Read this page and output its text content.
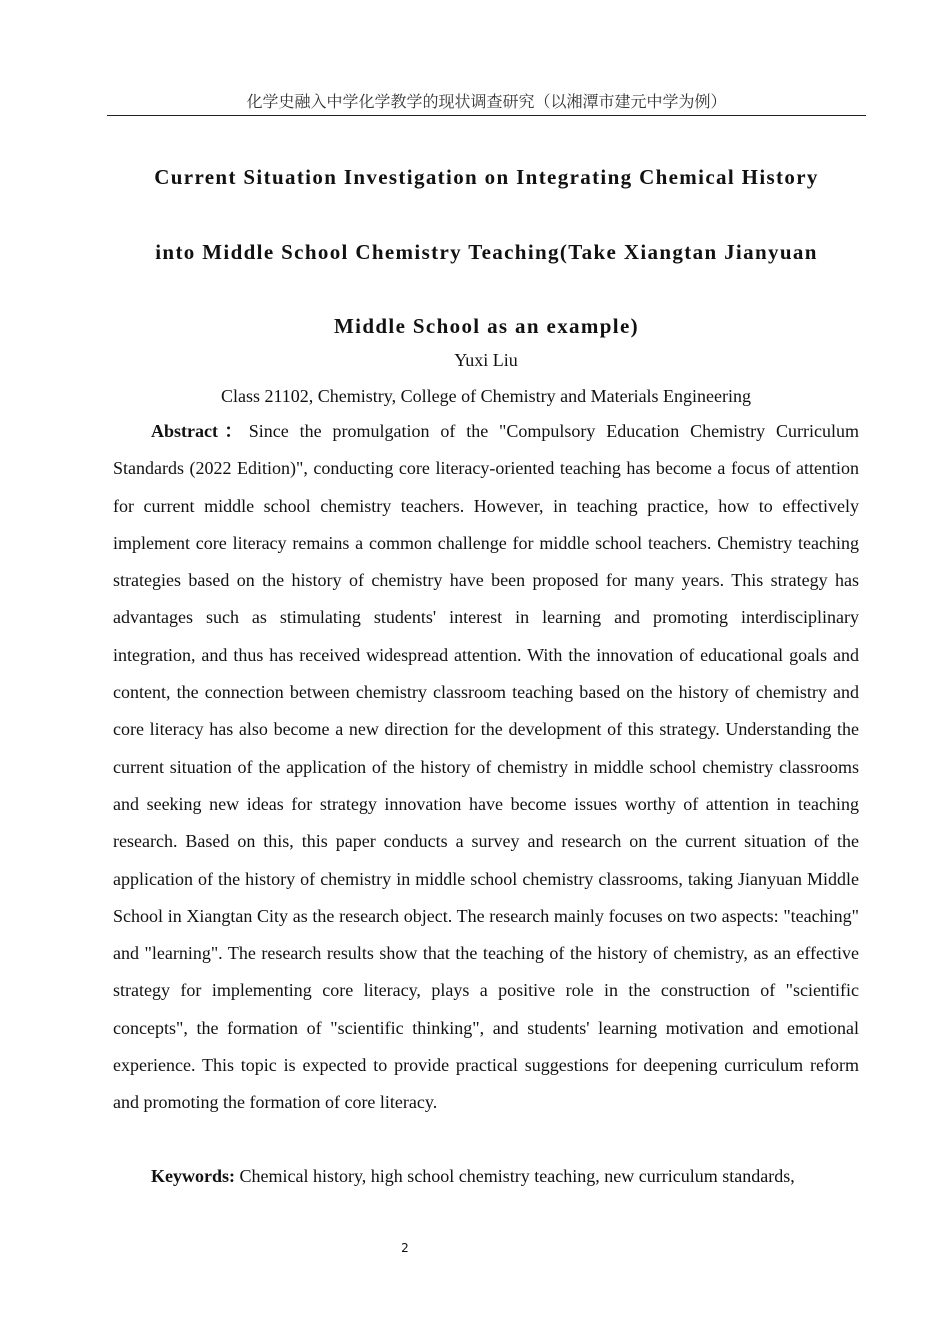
化学史融入中学化学教学的现状调查研究（以湘潭市建元中学为例）
Current Situation Investigation on Integrating Chemical History
into Middle School Chemistry Teaching(Take Xiangtan Jianyuan
Middle School as an example)
Yuxi Liu
Class 21102, Chemistry, College of Chemistry and Materials Engineering

Abstract：Since the promulgation of the "Compulsory Education Chemistry Curriculum Standards (2022 Edition)", conducting core literacy-oriented teaching has become a focus of attention for current middle school chemistry teachers. However, in teaching practice, how to effectively implement core literacy remains a common challenge for middle school teachers. Chemistry teaching strategies based on the history of chemistry have been proposed for many years. This strategy has advantages such as stimulating students' interest in learning and promoting interdisciplinary integration, and thus has received widespread attention. With the innovation of educational goals and content, the connection between chemistry classroom teaching based on the history of chemistry and core literacy has also become a new direction for the development of this strategy. Understanding the current situation of the application of the history of chemistry in middle school chemistry classrooms and seeking new ideas for strategy innovation have become issues worthy of attention in teaching research. Based on this, this paper conducts a survey and research on the current situation of the application of the history of chemistry in middle school chemistry classrooms, taking Jianyuan Middle School in Xiangtan City as the research object. The research mainly focuses on two aspects: "teaching" and "learning". The research results show that the teaching of the history of chemistry, as an effective strategy for implementing core literacy, plays a positive role in the construction of "scientific concepts", the formation of "scientific thinking", and students' learning motivation and emotional experience. This topic is expected to provide practical suggestions for deepening curriculum reform and promoting the formation of core literacy.

Keywords: Chemical history, high school chemistry teaching, new curriculum standards,

2
